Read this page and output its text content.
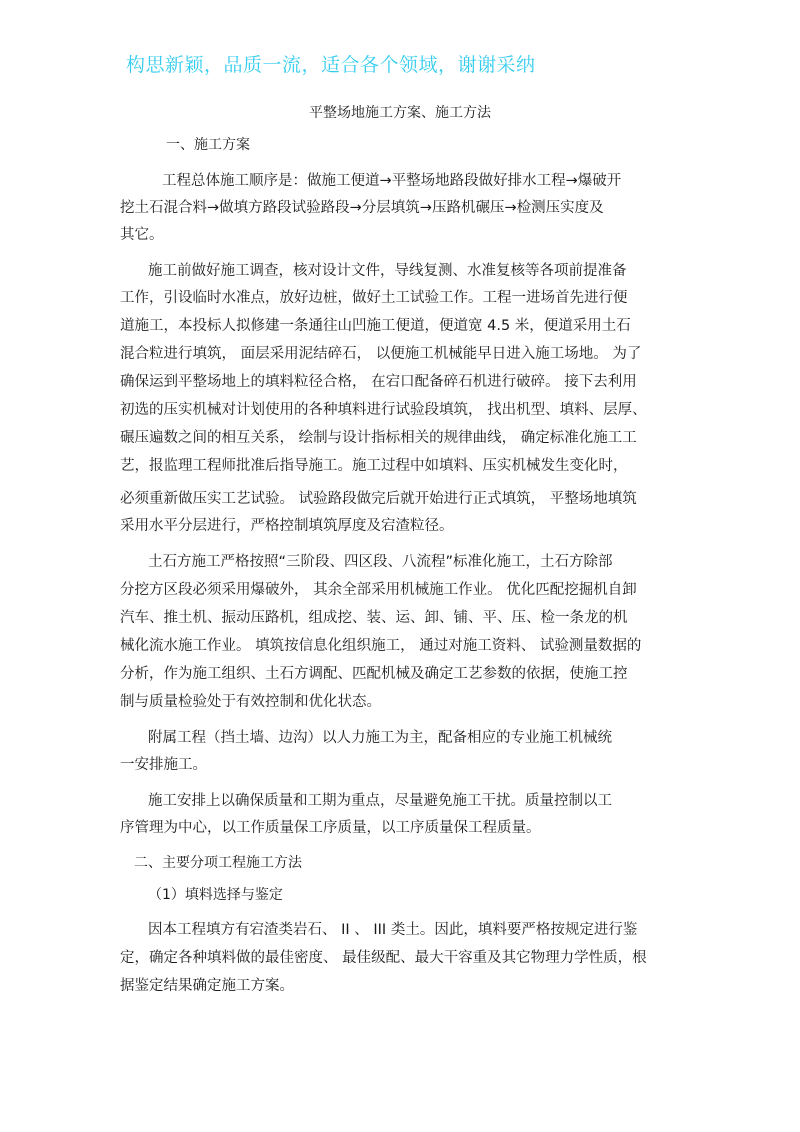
构思新颖，品质一流，适合各个领域，谢谢采纳
平整场地施工方案、施工方法
一、施工方案
工程总体施工顺序是：做施工便道→平整场地路段做好排水工程→爆破开
挖土石混合料→做填方路段试验路段→分层填筑→压路机碾压→检测压实度及
其它。
施工前做好施工调查，核对设计文件，导线复测、水准复核等各项前提准备
工作，引设临时水准点，放好边桩，做好土工试验工作。工程一进场首先进行便
道施工，本投标人拟修建一条通往山凹施工便道，便道宽 4.5 米，便道采用土石
混合粒进行填筑， 面层采用泥结碎石， 以便施工机械能早日进入施工场地。 为了
确保运到平整场地上的填料粒径合格， 在宕口配备碎石机进行破碎。 接下去利用
初选的压实机械对计划使用的各种填料进行试验段填筑， 找出机型、填料、层厚、
碾压遍数之间的相互关系， 绘制与设计指标相关的规律曲线， 确定标准化施工工
艺，报监理工程师批准后指导施工。施工过程中如填料、压实机械发生变化时，
必须重新做压实工艺试验。 试验路段做完后就开始进行正式填筑， 平整场地填筑
采用水平分层进行，严格控制填筑厚度及宕渣粒径。
土石方施工严格按照“三阶段、四区段、八流程”标准化施工，土石方除部
分挖方区段必须采用爆破外， 其余全部采用机械施工作业。 优化匹配挖掘机自卸
汽车、推土机、振动压路机，组成挖、装、运、卸、铺、平、压、检一条龙的机
械化流水施工作业。 填筑按信息化组织施工， 通过对施工资料、 试验测量数据的
分析，作为施工组织、土石方调配、匹配机械及确定工艺参数的依据，使施工控
制与质量检验处于有效控制和优化状态。
附属工程（挡土墙、边沟）以人力施工为主，配备相应的专业施工机械统
一安排施工。
施工安排上以确保质量和工期为重点，尽量避免施工干扰。质量控制以工
序管理为中心，以工作质量保工序质量，以工序质量保工程质量。
二、主要分项工程施工方法
（1）填料选择与鉴定
因本工程填方有宕渣类岩石、 II 、 III 类土。因此，填料要严格按规定进行鉴
定，确定各种填料做的最佳密度、 最佳级配、最大干容重及其它物理力学性质，根
据鉴定结果确定施工方案。
